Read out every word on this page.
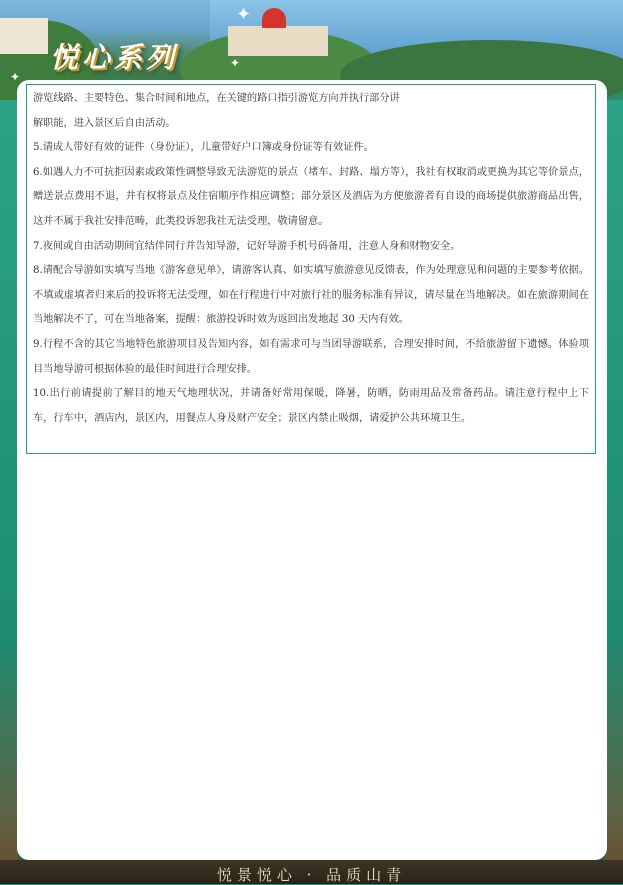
悦心系列
✦
✦
✦

游览线路、主要特色、集合时间和地点，在关键的路口指引游览方向并执行部分讲

解职能，进入景区后自由活动。

5.请成人带好有效的证件（身份证），儿童带好户口簿或身份证等有效证件。

6.如遇人力不可抗拒因素或政策性调整导致无法游览的景点（堵车、封路、塌方等），我社有权取消或更换为其它等价景点，赠送景点费用不退，并有权将景点及住宿顺序作相应调整；部分景区及酒店为方便旅游者有自设的商场提供旅游商品出售，这并不属于我社安排范畴，此类投诉恕我社无法受理，敬请留意。

7.夜间或自由活动期间宜结伴同行并告知导游，记好导游手机号码备用，注意人身和财物安全。

8.请配合导游如实填写当地《游客意见单》，请游客认真、如实填写旅游意见反馈表，作为处理意见和问题的主要参考依据。不填或虚填者归来后的投诉将无法受理，如在行程进行中对旅行社的服务标准有异议，请尽量在当地解决。如在旅游期间在当地解决不了，可在当地备案，提醒：旅游投诉时效为返回出发地起 30 天内有效。

9.行程不含的其它当地特色旅游项目及告知内容，如有需求可与当团导游联系，合理安排时间，不给旅游留下遗憾。体验项目当地导游可根据体验的最佳时间进行合理安排。

10.出行前请提前了解目的地天气地理状况，并请备好常用保暖，降暑，防晒，防雨用品及常备药品。请注意行程中上下车，行车中，酒店内，景区内，用餐点人身及财产安全；景区内禁止吸烟，请爱护公共环境卫生。

悦景悦心 · 品质山青
